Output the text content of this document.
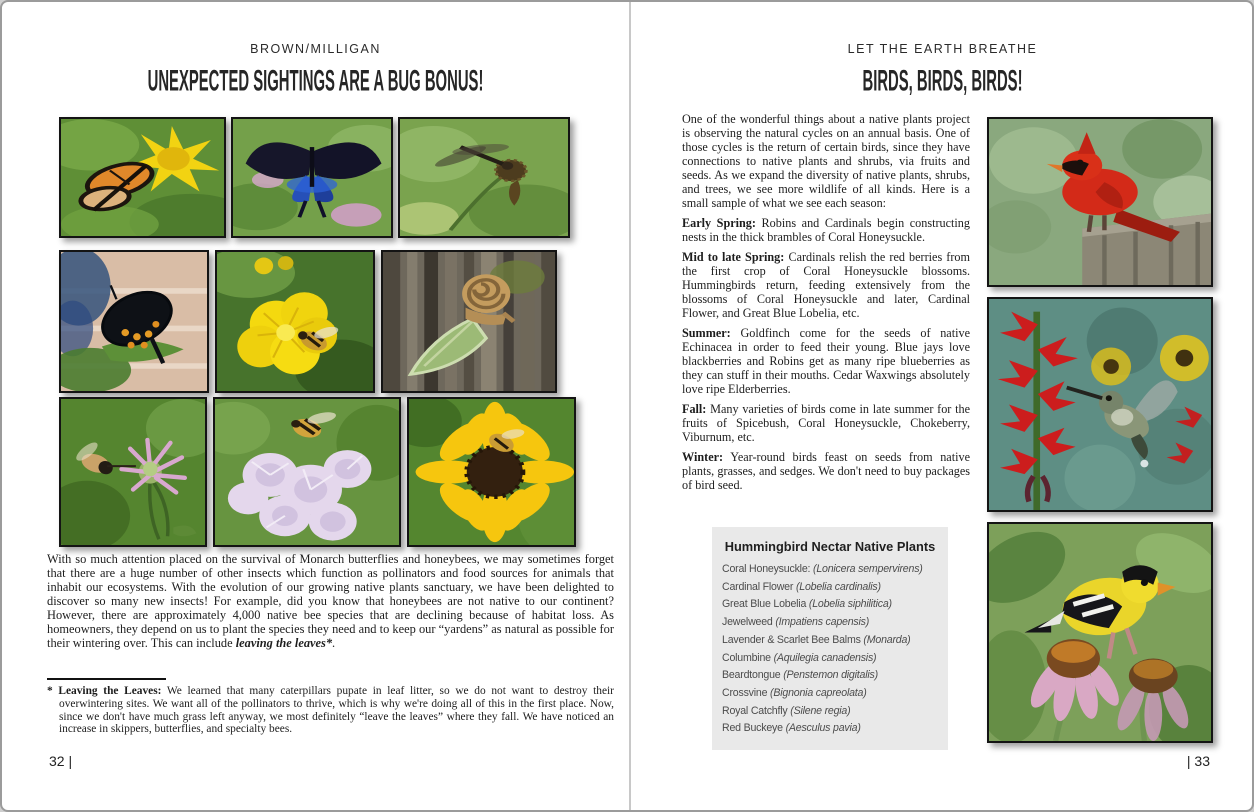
BROWN/MILLIGAN
UNEXPECTED SIGHTINGS ARE A BUG BONUS!

With so much attention placed on the survival of Monarch butterflies and honeybees, we may sometimes forget that there are a huge number of other insects which function as pollinators and food sources for animals that inhabit our ecosystems. With the evolution of our growing native plants sanctuary, we have been delighted to discover so many new insects! For example, did you know that honeybees are not native to our continent? However, there are approximately 4,000 native bee species that are declining because of habitat loss. As homeowners, they depend on us to plant the species they need and to keep our “yardens” as natural as possible for their wintering over. This can include leaving the leaves*.

* Leaving the Leaves: We learned that many caterpillars pupate in leaf litter, so we do not want to destroy their overwintering sites. We want all of the pollinators to thrive, which is why we're doing all of this in the first place. Now, since we don't have much grass left anyway, we most definitely “leave the leaves” where they fall. We have noticed an increase in skippers, butterflies, and specialty bees.

32 |
LET THE EARTH BREATHE
BIRDS, BIRDS, BIRDS!

One of the wonderful things about a native plants project is observing the natural cycles on an annual basis. One of those cycles is the return of certain birds, since they have connections to native plants and shrubs, via fruits and seeds. As we expand the diversity of native plants, shrubs, and trees, we see more wildlife of all kinds. Here is a small sample of what we see each season:

Early Spring: Robins and Cardinals begin constructing nests in the thick brambles of Coral Honeysuckle.

Mid to late Spring: Cardinals relish the red berries from the first crop of Coral Honeysuckle blossoms. Hummingbirds return, feeding extensively from the blossoms of Coral Honeysuckle and later, Cardinal Flower, and Great Blue Lobelia, etc.

Summer: Goldfinch come for the seeds of native Echinacea in order to feed their young. Blue jays love blackberries and Robins get as many ripe blueberries as they can stuff in their mouths. Cedar Waxwings absolutely love ripe Elderberries.

Fall: Many varieties of birds come in late summer for the fruits of Spicebush, Coral Honeysuckle, Chokeberry, Viburnum, etc.

Winter: Year-round birds feast on seeds from native plants, grasses, and sedges. We don't need to buy packages of bird seed.

Hummingbird Nectar Native Plants
Coral Honeysuckle: (Lonicera sempervirens)
Cardinal Flower (Lobelia cardinalis)
Great Blue Lobelia (Lobelia siphilitica)
Jewelweed (Impatiens capensis)
Lavender & Scarlet Bee Balms (Monarda)
Columbine (Aquilegia canadensis)
Beardtongue (Penstemon digitalis)
Crossvine (Bignonia capreolata)
Royal Catchfly (Silene regia)
Red Buckeye (Aesculus pavia)
| 33
